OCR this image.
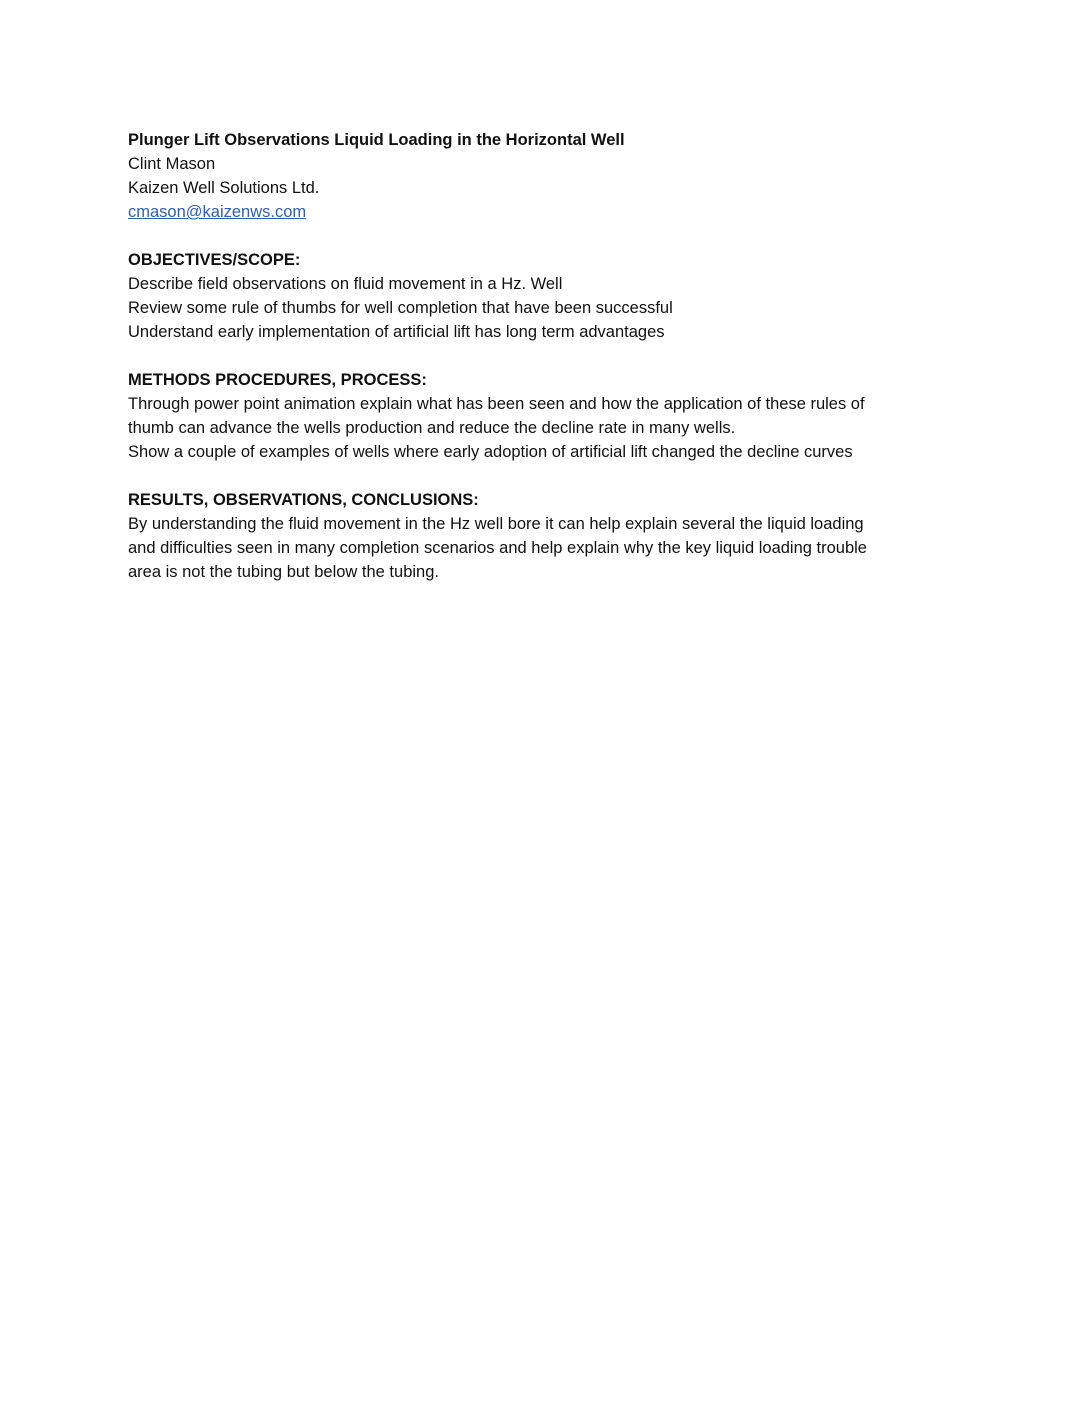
Plunger Lift Observations Liquid Loading in the Horizontal Well
Clint Mason
Kaizen Well Solutions Ltd.
cmason@kaizenws.com
OBJECTIVES/SCOPE:
Describe field observations on fluid movement in a Hz. Well
Review some rule of thumbs for well completion that have been successful
Understand early implementation of artificial lift has long term advantages
METHODS PROCEDURES, PROCESS:
Through power point animation explain what has been seen and how the application of these rules of
thumb can advance the wells production and reduce the decline rate in many wells.
Show a couple of examples of wells where early adoption of artificial lift changed the decline curves
RESULTS, OBSERVATIONS, CONCLUSIONS:
By understanding the fluid movement in the Hz well bore it can help explain several the liquid loading
and difficulties seen in many completion scenarios and help explain why the key liquid loading trouble
area is not the tubing but below the tubing.
